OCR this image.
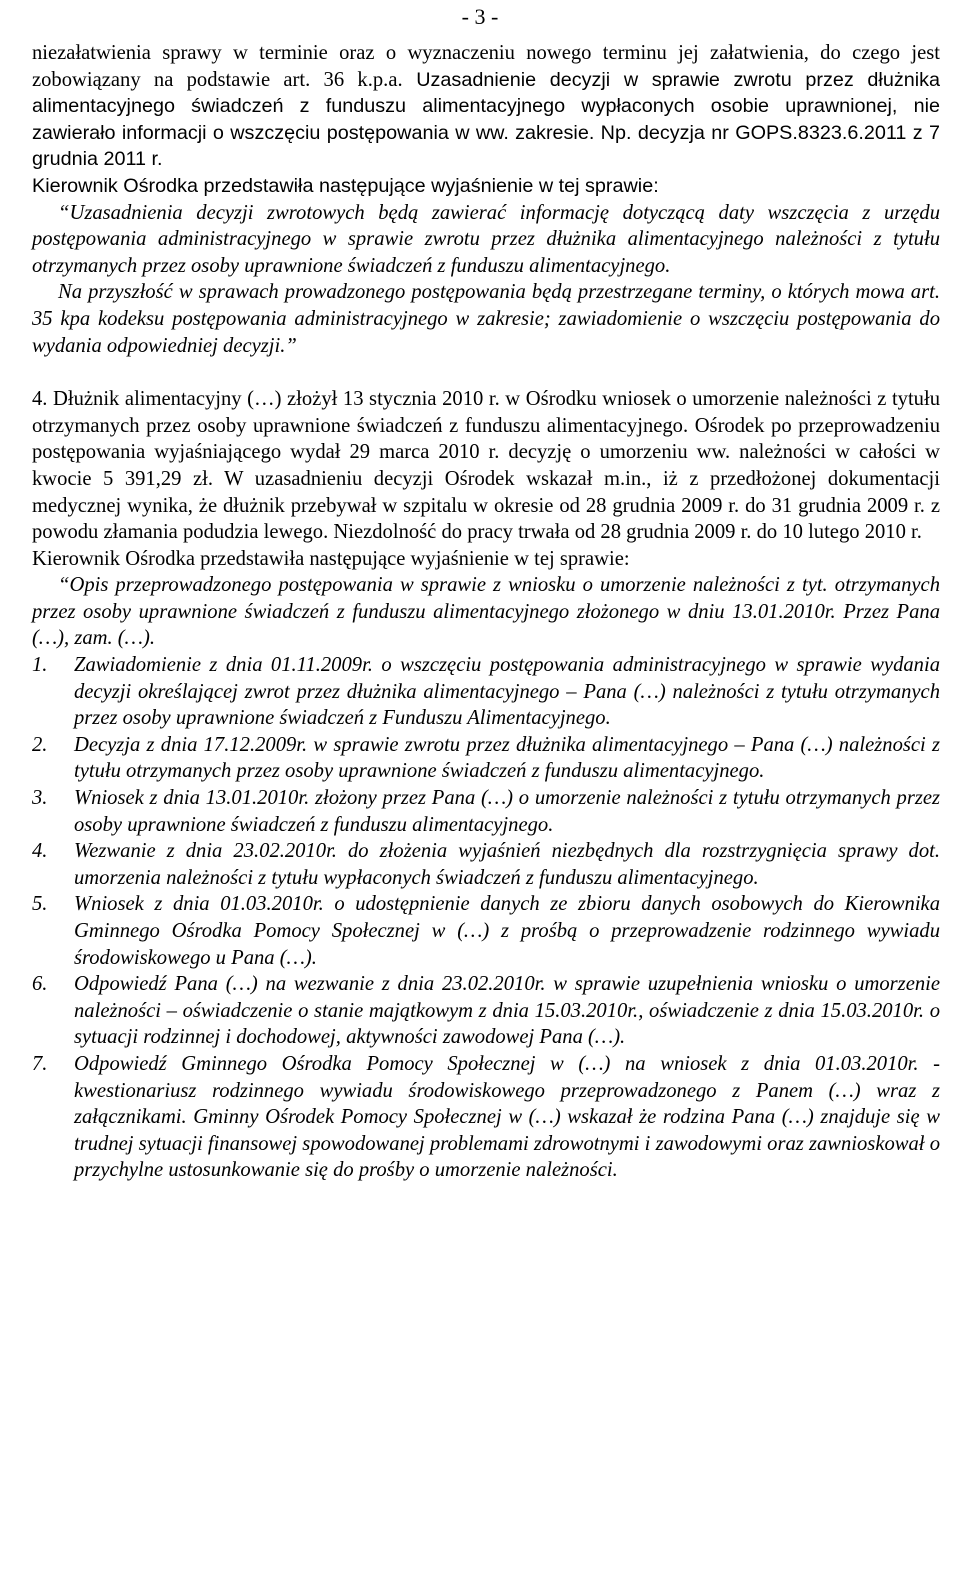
- 3 -

niezałatwienia sprawy w terminie oraz o wyznaczeniu nowego terminu jej załatwienia, do czego jest zobowiązany na podstawie art. 36 k.p.a. Uzasadnienie decyzji w sprawie zwrotu przez dłużnika alimentacyjnego świadczeń z funduszu alimentacyjnego wypłaconych osobie uprawnionej, nie zawierało informacji o wszczęciu postępowania w ww. zakresie. Np. decyzja nr GOPS.8323.6.2011 z 7 grudnia 2011 r.

Kierownik Ośrodka przedstawiła następujące wyjaśnienie w tej sprawie:

“Uzasadnienia decyzji zwrotowych będą zawierać informację dotyczącą daty wszczęcia z urzędu postępowania administracyjnego w sprawie zwrotu przez dłużnika alimentacyjnego należności z tytułu otrzymanych przez osoby uprawnione świadczeń z funduszu alimentacyjnego.

Na przyszłość w sprawach prowadzonego postępowania będą przestrzegane terminy, o których mowa art. 35 kpa kodeksu postępowania administracyjnego w zakresie; zawiadomienie o wszczęciu postępowania do wydania odpowiedniej decyzji.”

4. Dłużnik alimentacyjny (…) złożył 13 stycznia 2010 r. w Ośrodku wniosek o umorzenie należności z tytułu otrzymanych przez osoby uprawnione świadczeń z funduszu alimentacyjnego. Ośrodek po przeprowadzeniu postępowania wyjaśniającego wydał 29 marca 2010 r. decyzję o umorzeniu ww. należności w całości w kwocie 5 391,29 zł. W uzasadnieniu decyzji Ośrodek wskazał m.in., iż z przedłożonej dokumentacji medycznej wynika, że dłużnik przebywał w szpitalu w okresie od 28 grudnia 2009 r. do 31 grudnia 2009 r. z powodu złamania podudzia lewego. Niezdolność do pracy trwała od 28 grudnia 2009 r. do 10 lutego 2010 r.

Kierownik Ośrodka przedstawiła następujące wyjaśnienie w tej sprawie:

“Opis przeprowadzonego postępowania w sprawie z wniosku o umorzenie należności z tyt. otrzymanych przez osoby uprawnione świadczeń z funduszu alimentacyjnego złożonego w dniu 13.01.2010r. Przez Pana (…), zam. (…).

1.	Zawiadomienie z dnia 01.11.2009r. o wszczęciu postępowania administracyjnego w sprawie wydania decyzji określającej zwrot przez dłużnika alimentacyjnego – Pana (…) należności z tytułu otrzymanych przez osoby uprawnione świadczeń z Funduszu Alimentacyjnego.
2.	Decyzja z dnia 17.12.2009r. w sprawie zwrotu przez dłużnika alimentacyjnego – Pana (…) należności z tytułu otrzymanych przez osoby uprawnione świadczeń z funduszu alimentacyjnego.
3.	Wniosek z dnia 13.01.2010r. złożony przez Pana (…) o umorzenie należności z tytułu otrzymanych przez osoby uprawnione świadczeń z funduszu alimentacyjnego.
4.	Wezwanie z dnia 23.02.2010r. do złożenia wyjaśnień niezbędnych dla rozstrzygnięcia sprawy dot. umorzenia należności z tytułu wypłaconych świadczeń z funduszu alimentacyjnego.
5.	Wniosek z dnia 01.03.2010r. o udostępnienie danych ze zbioru danych osobowych do Kierownika Gminnego Ośrodka Pomocy Społecznej w (…) z prośbą o przeprowadzenie rodzinnego wywiadu środowiskowego u Pana (…).
6.	Odpowiedź Pana (…) na wezwanie z dnia 23.02.2010r. w sprawie uzupełnienia wniosku o umorzenie należności – oświadczenie o stanie majątkowym z dnia 15.03.2010r., oświadczenie z dnia 15.03.2010r. o sytuacji rodzinnej i dochodowej, aktywności zawodowej Pana (…).
7.	Odpowiedź Gminnego Ośrodka Pomocy Społecznej w (…) na wniosek z dnia 01.03.2010r. - kwestionariusz rodzinnego wywiadu środowiskowego przeprowadzonego z Panem (…) wraz z załącznikami. Gminny Ośrodek Pomocy Społecznej w (…) wskazał że rodzina Pana (…) znajduje się w trudnej sytuacji finansowej spowodowanej problemami zdrowotnymi i zawodowymi oraz zawnioskował o przychylne ustosunkowanie się do prośby o umorzenie należności.
